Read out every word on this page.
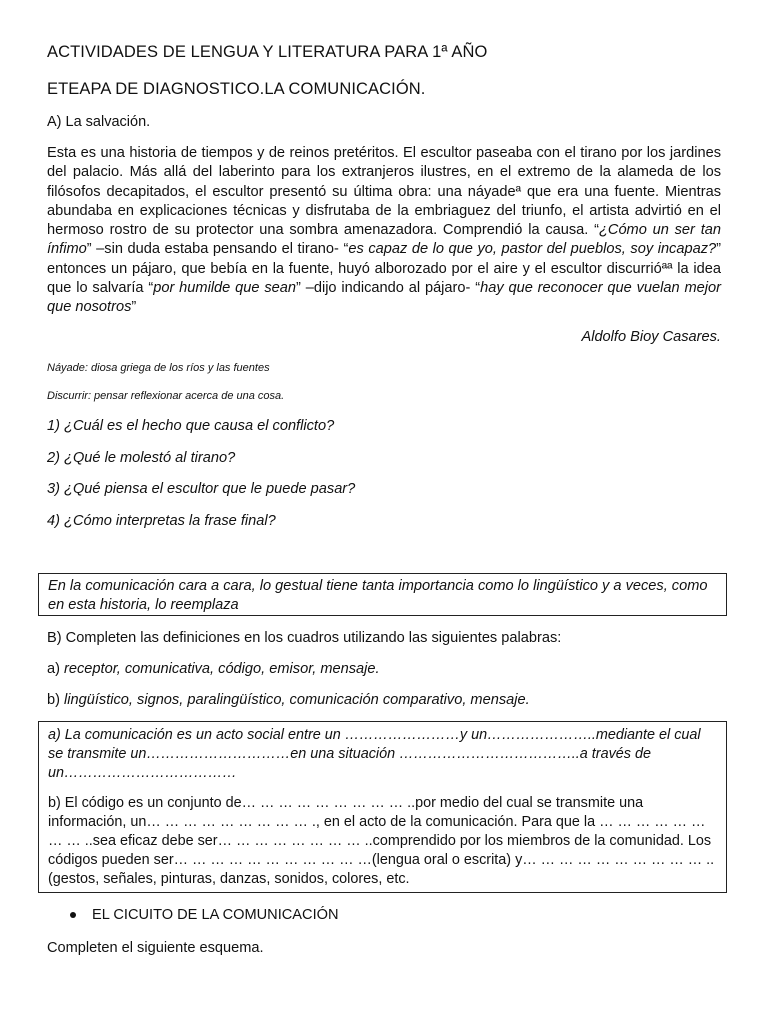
ACTIVIDADES DE LENGUA Y LITERATURA PARA 1ª AÑO
ETEAPA DE DIAGNOSTICO.LA COMUNICACIÓN.
A) La salvación.
Esta es una historia de tiempos y de reinos pretéritos. El escultor paseaba con el tirano por los jardines del palacio. Más allá del laberinto para los extranjeros ilustres, en el extremo de la alameda de los filósofos decapitados, el escultor presentó su última obra: una náyadeª que era una fuente. Mientras abundaba en explicaciones técnicas y disfrutaba de la embriaguez del triunfo, el artista advirtió en el hermoso rostro de su protector una sombra amenazadora. Comprendió la causa. “¿Cómo un ser tan ínfimo” –sin duda estaba pensando el tirano- “es capaz de lo que yo, pastor del pueblos, soy incapaz?” entonces un pájaro, que bebía en la fuente, huyó alborozado por el aire y el escultor discurrióªª la idea que lo salvaría “por humilde que sean” –dijo indicando al pájaro- “hay que reconocer que vuelan mejor que nosotros”
Aldolfo Bioy Casares.
Náyade: diosa griega de los ríos y las fuentes
Discurrir: pensar reflexionar acerca de una cosa.
1) ¿Cuál es el hecho que causa el conflicto?
2) ¿Qué le molestó al tirano?
3) ¿Qué piensa el escultor que le puede pasar?
4) ¿Cómo interpretas la frase final?
En la comunicación cara a cara, lo gestual tiene tanta importancia como lo lingüístico y a veces, como en esta historia, lo reemplaza
B) Completen las definiciones en los cuadros utilizando las siguientes palabras:
a) receptor, comunicativa, código, emisor, mensaje.
b) lingüístico, signos, paralingüístico, comunicación comparativo, mensaje.
a) La comunicación es un acto social entre un ……………………y un…………………..mediante el cual se transmite un…………………………en una situación ………………………………..a través de un………………………………
b) El código es un conjunto de… … … … … … … … … ..por medio del cual se transmite una información, un… … … … … … … … … ., en el acto de la comunicación. Para que la … … … … … … … … ..sea eficaz debe ser… … … … … … … … ..comprendido por los miembros de la comunidad. Los códigos pueden ser… … … … … … … … … … …(lengua oral o escrita) y… … … … … … … … … … ..(gestos, señales, pinturas, danzas, sonidos, colores, etc.
EL CICUITO DE LA COMUNICACIÓN
Completen el siguiente esquema.
